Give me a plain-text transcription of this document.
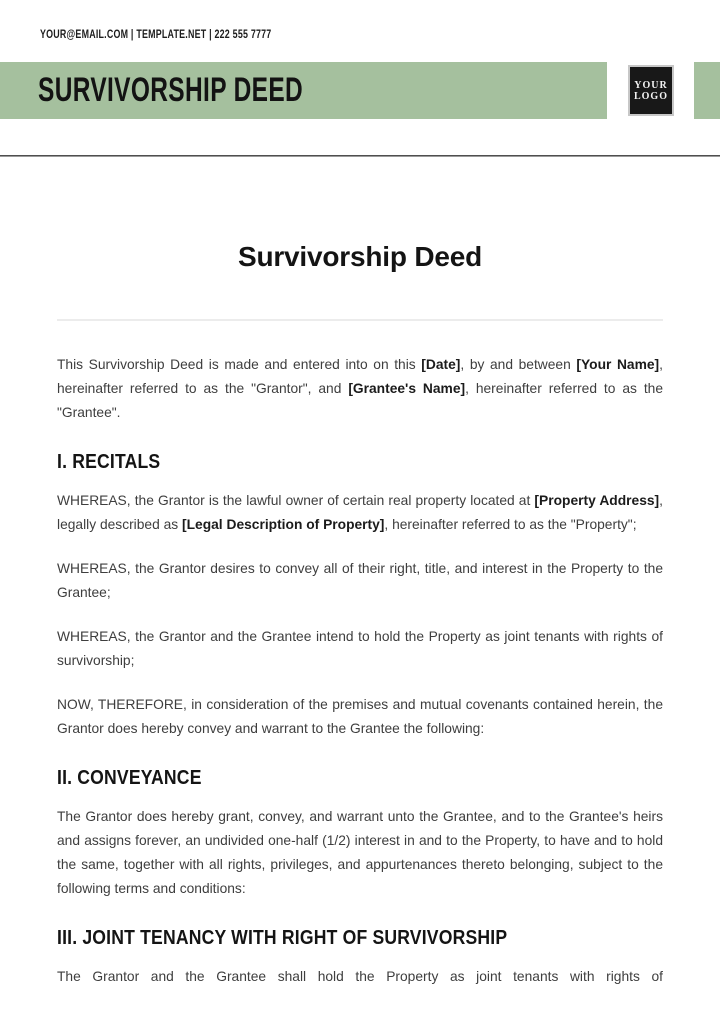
YOUR@EMAIL.COM | TEMPLATE.NET | 222 555 7777
SURVIVORSHIP DEED	YOUR
LOGO
Survivorship Deed

This Survivorship Deed is made and entered into on this [Date], by and between [Your Name], hereinafter referred to as the "Grantor", and [Grantee's Name], hereinafter referred to as the "Grantee".

I. RECITALS

WHEREAS, the Grantor is the lawful owner of certain real property located at [Property Address], legally described as [Legal Description of Property], hereinafter referred to as the "Property";

WHEREAS, the Grantor desires to convey all of their right, title, and interest in the Property to the Grantee;

WHEREAS, the Grantor and the Grantee intend to hold the Property as joint tenants with rights of survivorship;

NOW, THEREFORE, in consideration of the premises and mutual covenants contained herein, the Grantor does hereby convey and warrant to the Grantee the following:

II. CONVEYANCE

The Grantor does hereby grant, convey, and warrant unto the Grantee, and to the Grantee's heirs and assigns forever, an undivided one-half (1/2) interest in and to the Property, to have and to hold the same, together with all rights, privileges, and appurtenances thereto belonging, subject to the following terms and conditions:

III. JOINT TENANCY WITH RIGHT OF SURVIVORSHIP

The Grantor and the Grantee shall hold the Property as joint tenants with rights of
